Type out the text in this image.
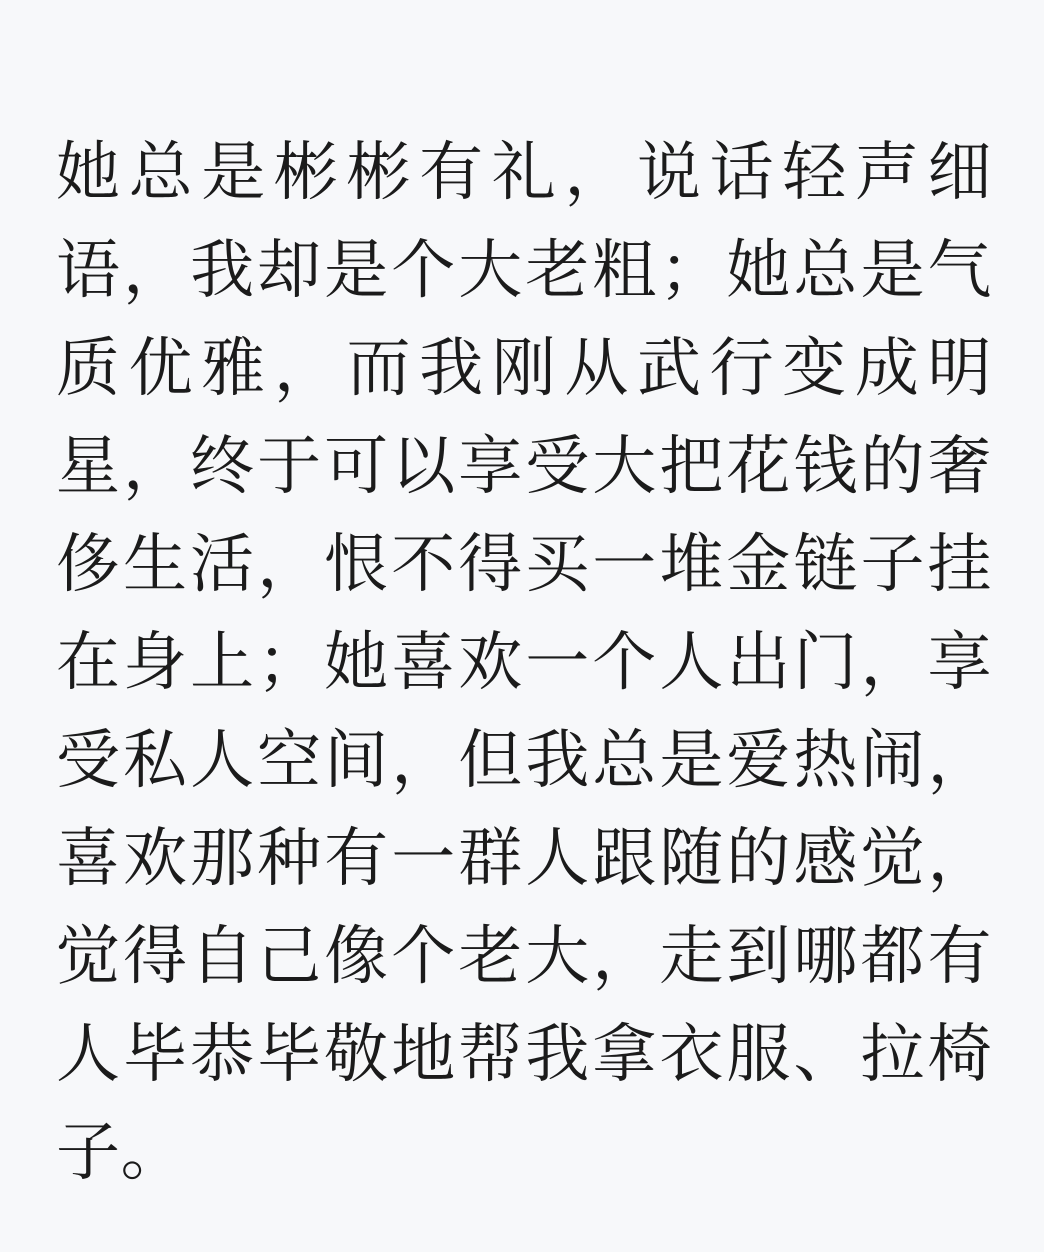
她总是彬彬有礼，说话轻声细语，我却是个大老粗；她总是气质优雅，而我刚从武行变成明星，终于可以享受大把花钱的奢侈生活，恨不得买一堆金链子挂在身上；她喜欢一个人出门，享受私人空间，但我总是爱热闹，喜欢那种有一群人跟随的感觉，觉得自己像个老大，走到哪都有人毕恭毕敬地帮我拿衣服、拉椅子。
